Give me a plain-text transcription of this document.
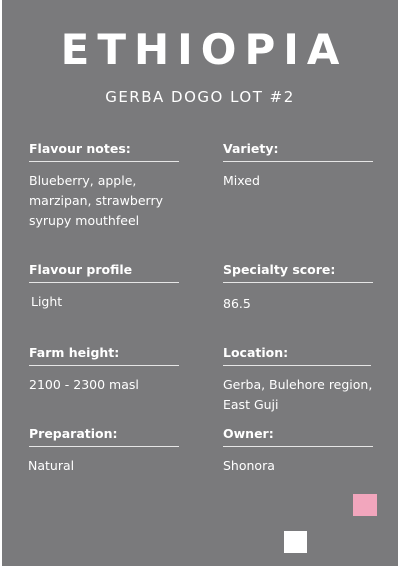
ETHIOPIA
GERBA DOGO LOT #2
Flavour notes:
Blueberry, apple, marzipan, strawberry syrupy mouthfeel
Variety:
Mixed
Flavour profile
Light
Specialty score:
86.5
Farm height:
2100 - 2300 masl
Location:
Gerba, Bulehore region, East Guji
Preparation:
Natural
Owner:
Shonora
